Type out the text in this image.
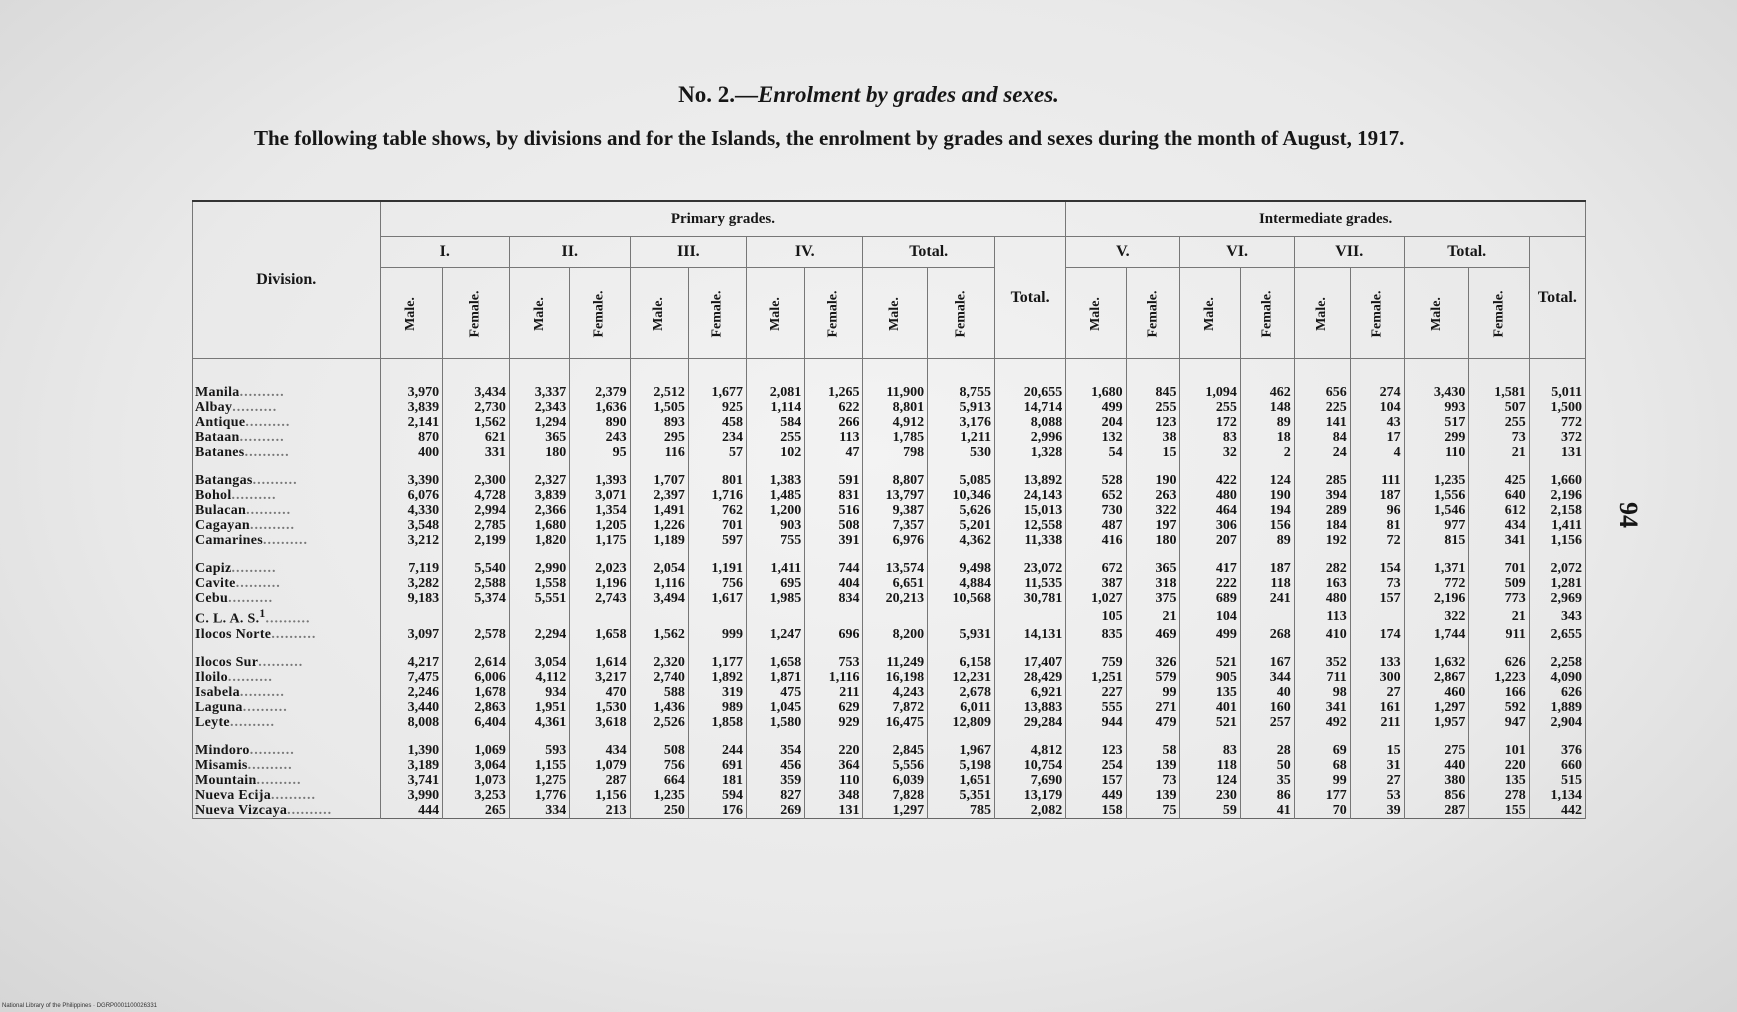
No. 2.—Enrolment by grades and sexes.
The following table shows, by divisions and for the Islands, the enrolment by grades and sexes during the month of August, 1917.
Division.	Primary grades.											Intermediate grades.								
	I.		II.		III.		IV.		Total.		Total.	V.		VI.		VII.		Total.		Total.
	Male.	Female.	Male.	Female.	Male.	Female.	Male.	Female.	Male.	Female.		Male.	Female.	Male.	Female.	Male.	Female.	Male.	Female.	
Manila..........	3,970	3,434	3,337	2,379	2,512	1,677	2,081	1,265	11,900	8,755	20,655	1,680	845	1,094	462	656	274	3,430	1,581	5,011
Albay..........	3,839	2,730	2,343	1,636	1,505	925	1,114	622	8,801	5,913	14,714	499	255	255	148	225	104	993	507	1,500
Antique..........	2,141	1,562	1,294	890	893	458	584	266	4,912	3,176	8,088	204	123	172	89	141	43	517	255	772
Bataan..........	870	621	365	243	295	234	255	113	1,785	1,211	2,996	132	38	83	18	84	17	299	73	372
Batanes..........	400	331	180	95	116	57	102	47	798	530	1,328	54	15	32	2	24	4	110	21	131

Batangas..........	3,390	2,300	2,327	1,393	1,707	801	1,383	591	8,807	5,085	13,892	528	190	422	124	285	111	1,235	425	1,660
Bohol..........	6,076	4,728	3,839	3,071	2,397	1,716	1,485	831	13,797	10,346	24,143	652	263	480	190	394	187	1,556	640	2,196
Bulacan..........	4,330	2,994	2,366	1,354	1,491	762	1,200	516	9,387	5,626	15,013	730	322	464	194	289	96	1,546	612	2,158
Cagayan..........	3,548	2,785	1,680	1,205	1,226	701	903	508	7,357	5,201	12,558	487	197	306	156	184	81	977	434	1,411
Camarines..........	3,212	2,199	1,820	1,175	1,189	597	755	391	6,976	4,362	11,338	416	180	207	89	192	72	815	341	1,156

Capiz..........	7,119	5,540	2,990	2,023	2,054	1,191	1,411	744	13,574	9,498	23,072	672	365	417	187	282	154	1,371	701	2,072
Cavite..........	3,282	2,588	1,558	1,196	1,116	756	695	404	6,651	4,884	11,535	387	318	222	118	163	73	772	509	1,281
Cebu..........	9,183	5,374	5,551	2,743	3,494	1,617	1,985	834	20,213	10,568	30,781	1,027	375	689	241	480	157	2,196	773	2,969
C. L. A. S.$^1$..........												105	21	104		113		322	21	343
Ilocos Norte..........	3,097	2,578	2,294	1,658	1,562	999	1,247	696	8,200	5,931	14,131	835	469	499	268	410	174	1,744	911	2,655

Ilocos Sur..........	4,217	2,614	3,054	1,614	2,320	1,177	1,658	753	11,249	6,158	17,407	759	326	521	167	352	133	1,632	626	2,258
Iloilo..........	7,475	6,006	4,112	3,217	2,740	1,892	1,871	1,116	16,198	12,231	28,429	1,251	579	905	344	711	300	2,867	1,223	4,090
Isabela..........	2,246	1,678	934	470	588	319	475	211	4,243	2,678	6,921	227	99	135	40	98	27	460	166	626
Laguna..........	3,440	2,863	1,951	1,530	1,436	989	1,045	629	7,872	6,011	13,883	555	271	401	160	341	161	1,297	592	1,889
Leyte..........	8,008	6,404	4,361	3,618	2,526	1,858	1,580	929	16,475	12,809	29,284	944	479	521	257	492	211	1,957	947	2,904

Mindoro..........	1,390	1,069	593	434	508	244	354	220	2,845	1,967	4,812	123	58	83	28	69	15	275	101	376
Misamis..........	3,189	3,064	1,155	1,079	756	691	456	364	5,556	5,198	10,754	254	139	118	50	68	31	440	220	660
Mountain..........	3,741	1,073	1,275	287	664	181	359	110	6,039	1,651	7,690	157	73	124	35	99	27	380	135	515
Nueva Ecija..........	3,990	3,253	1,776	1,156	1,235	594	827	348	7,828	5,351	13,179	449	139	230	86	177	53	856	278	1,134
Nueva Vizcaya..........	444	265	334	213	250	176	269	131	1,297	785	2,082	158	75	59	41	70	39	287	155	442
94
National Library of the Philippines · DGRP0001100026331
